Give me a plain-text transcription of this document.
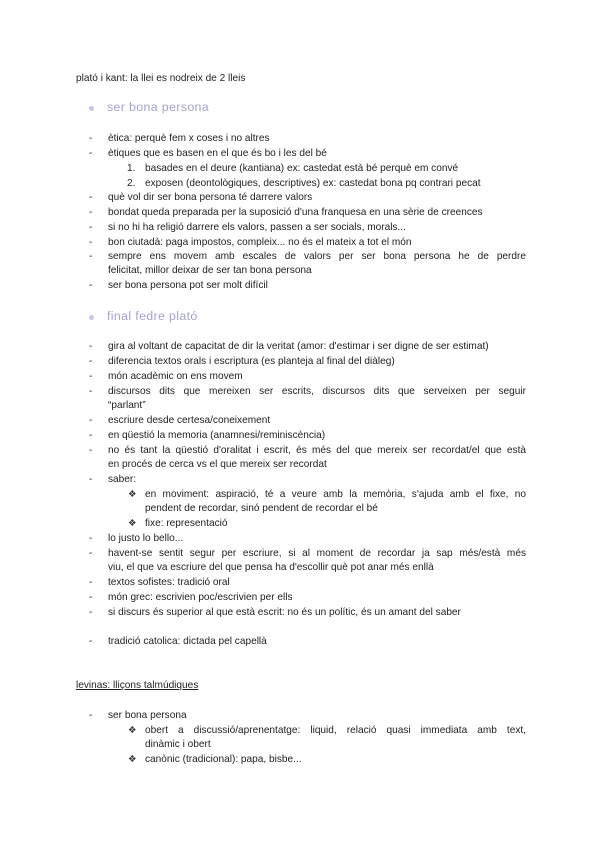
plató i kant: la llei es nodreix de 2 lleis
ser bona persona
- ètica: perquè fem x coses i no altres
- ètiques que es basen en el que és bo i les del bé
1. basades en el deure (kantiana) ex: castedat està bé perquè em convé
2. exposen (deontològiques, descriptives) ex: castedat bona pq contrari pecat
- què vol dir ser bona persona té darrere valors
- bondat queda preparada per la suposició d'una franquesa en una sèrie de creences
- si no hi ha religió darrere els valors, passen a ser socials, morals...
- bon ciutadà: paga impostos, compleix... no és el mateix a tot el món
- sempre ens movem amb escales de valors per ser bona persona he de perdre
felicitat, millor deixar de ser tan bona persona
- ser bona persona pot ser molt difícil
final fedre plató
- gira al voltant de capacitat de dir la veritat (amor: d'estimar i ser digne de ser estimat)
- diferencia textos orals i escriptura (es planteja al final del diàleg)
- món acadèmic on ens movem
- discursos dits que mereixen ser escrits, discursos dits que serveixen per seguir
“parlant”
- escriure desde certesa/coneixement
- en qüestió la memoria (anamnesi/reminiscència)
- no és tant la qüestió d'oralitat i escrit, és més del que mereix ser recordat/el que està
en procés de cerca vs el que mereix ser recordat
- saber:
❖ en moviment: aspiració, té a veure amb la memòria, s'ajuda amb el fixe, no
pendent de recordar, sinó pendent de recordar el bé
❖ fixe: representació
- lo justo lo bello...
- havent-se sentit segur per escriure, si al moment de recordar ja sap més/està més
viu, el que va escriure del que pensa ha d'escollir què pot anar més enllà
- textos sofistes: tradició oral
- món grec: escrivien poc/escrivien per ells
- si discurs és superior al que està escrit: no és un polític, és un amant del saber
- tradició catolica: dictada pel capellà
levinas: lliçons talmúdiques
- ser bona persona
❖ obert a discussió/aprenentatge: liquid, relació quasi immediata amb text,
dinàmic i obert
❖ canònic (tradicional): papa, bisbe...
